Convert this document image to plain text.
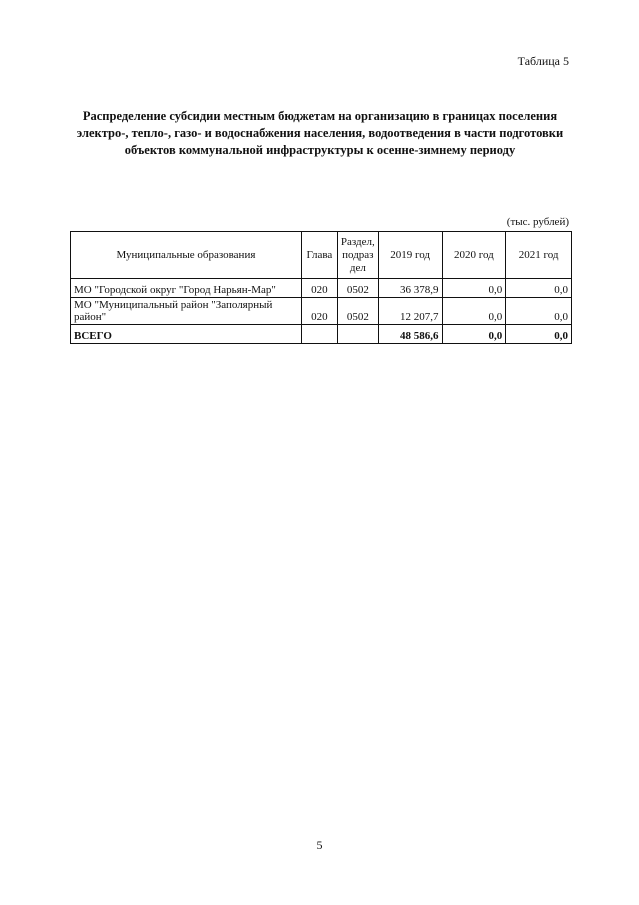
Таблица 5
Распределение субсидии местным бюджетам на организацию в границах поселения электро-, тепло-, газо- и водоснабжения населения, водоотведения в части подготовки объектов коммунальной инфраструктуры к осенне-зимнему периоду
(тыс. рублей)
Муниципальные образования	Глава	Раздел, подраз дел	2019 год	2020 год	2021 год
МО "Городской округ "Город Нарьян-Мар"	020	0502	36 378,9	0,0	0,0
МО "Муниципальный район "Заполярный район"	020	0502	12 207,7	0,0	0,0
ВСЕГО			48 586,6	0,0	0,0
5
